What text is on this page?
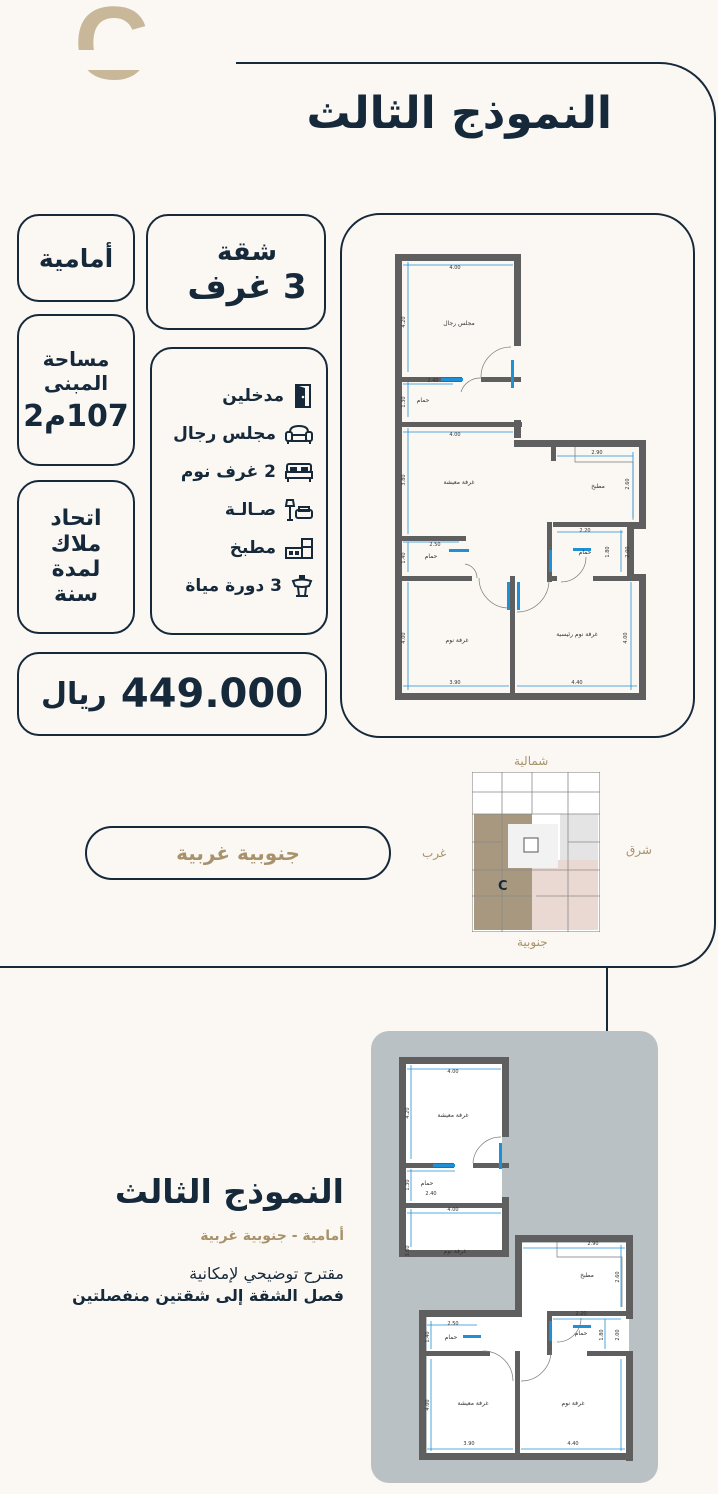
النموذج الثالث
أمامية	شقة
3 غرف
مساحة
المبنى
107م2
اتحاد
ملاك
لمدة
سنة
مدخلين
مجلس رجال
2 غرف نوم
صـالـة
مطبخ
3 دورة مياة
449.000
ريال
مجلس رجال
حمام
غرفة معيشة
مطبخ
حمام
حمام
غرفة نوم
غرفة نوم رئيسية
4.00
4.20
1.30
2.40
4.00
3.80
2.90
2.60
2.20
1.80	2.00
1.40
2.50
4.00	4.00
3.90	4.40
جنوبية غربية
شمالية
جنوبية
شرق
غرب
C
النموذج الثالث
أمامية - جنوبية غربية
مقترح توضيحي لإمكانية
فصل الشقة إلى شقتين منفصلتين
غرفة معيشة
حمام
غرفة نوم
مطبخ
حمام
حمام
غرفة معيشة	غرفة نوم
4.00
4.20
1.30
2.40
4.00
3.80
2.90
2.60
2.20
1.80 2.00
2.50
1.40
4.00
3.90	4.40
